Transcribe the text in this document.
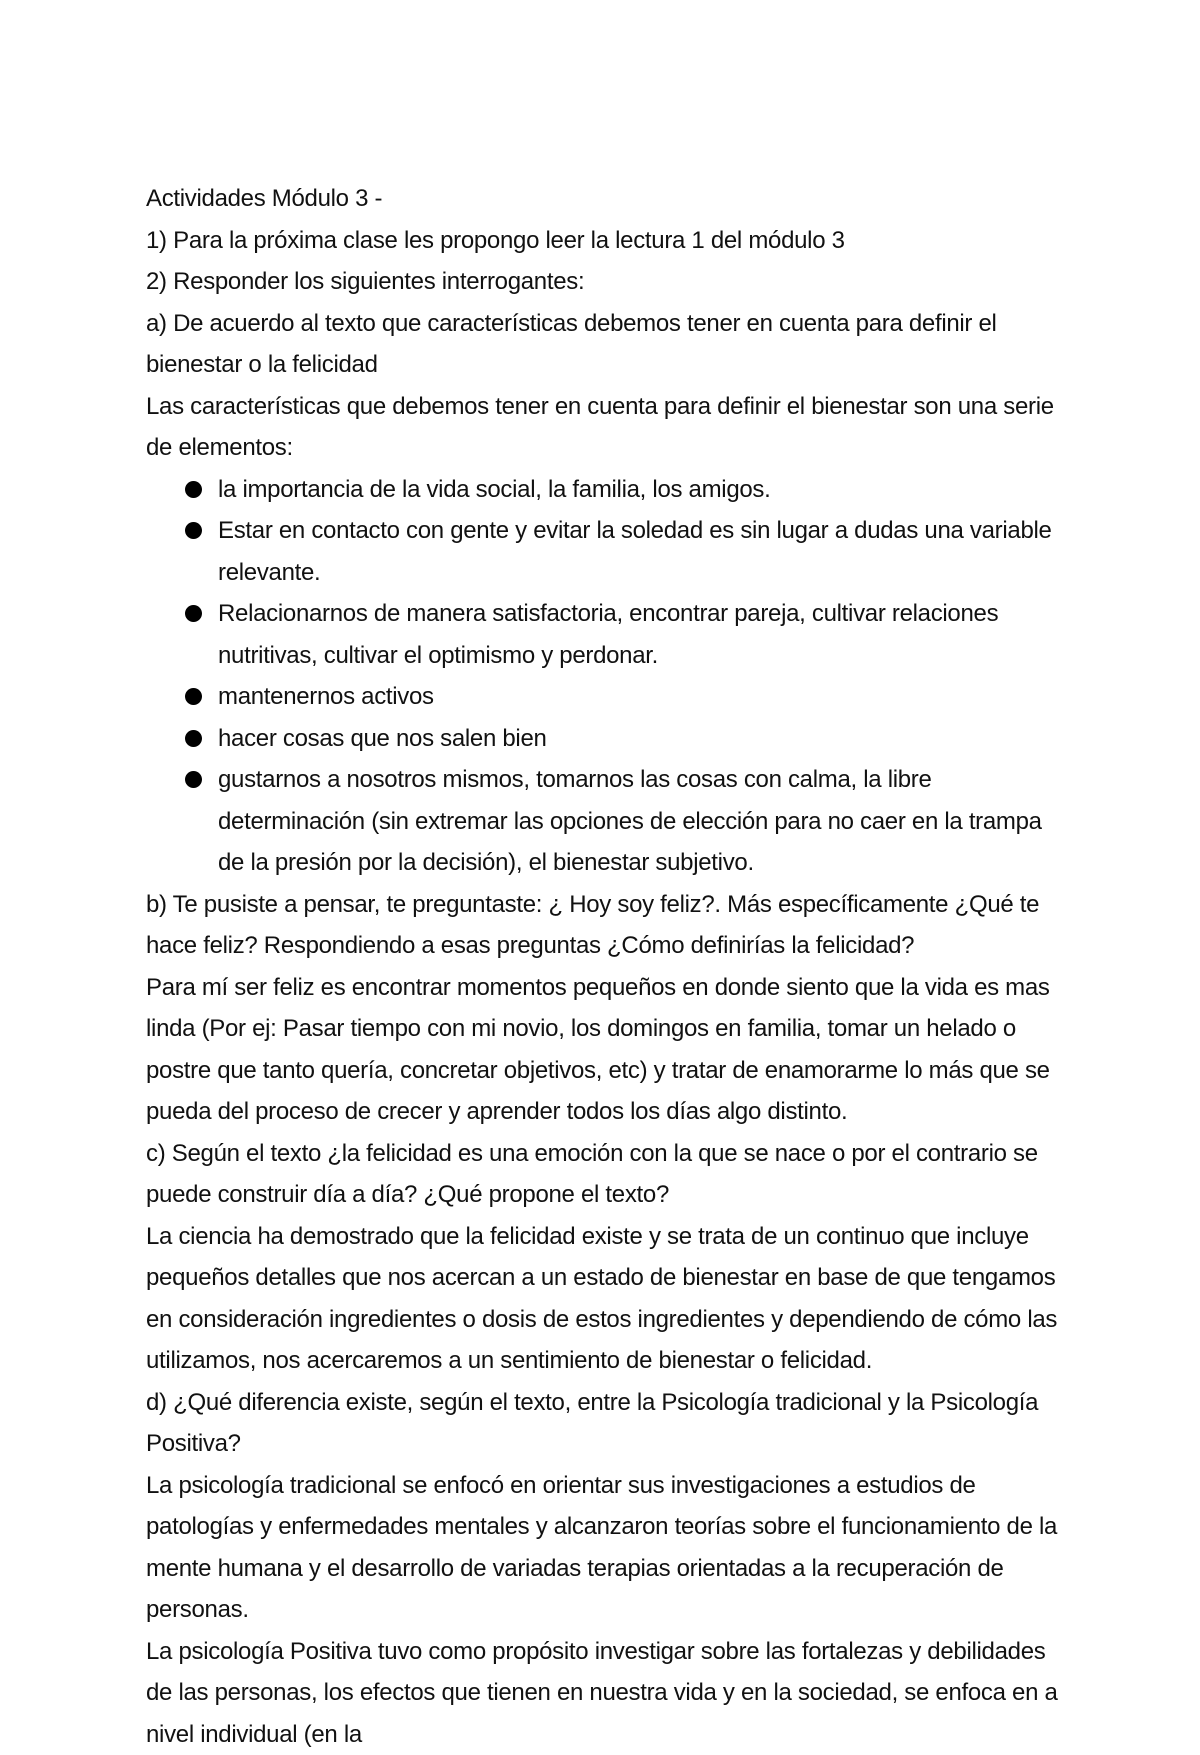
Actividades Módulo 3 -

1) Para la próxima clase les propongo leer la lectura 1 del módulo 3

2) Responder los siguientes interrogantes:

a) De acuerdo al texto que características debemos tener en cuenta para definir el bienestar o la felicidad

Las características que debemos tener en cuenta para definir el bienestar son una serie de elementos:

la importancia de la vida social, la familia, los amigos.
Estar en contacto con gente y evitar la soledad es sin lugar a dudas una variable relevante.
Relacionarnos de manera satisfactoria, encontrar pareja, cultivar relaciones nutritivas, cultivar el optimismo y perdonar.
mantenernos activos
hacer cosas que nos salen bien
gustarnos a nosotros mismos, tomarnos las cosas con calma, la libre determinación (sin extremar las opciones de elección para no caer en la trampa de la presión por la decisión), el bienestar subjetivo.

b) Te pusiste a pensar, te preguntaste: ¿ Hoy soy feliz?. Más específicamente ¿Qué te hace feliz? Respondiendo a esas preguntas ¿Cómo definirías la felicidad?

Para mí ser feliz es encontrar momentos pequeños en donde siento que la vida es mas linda (Por ej: Pasar tiempo con mi novio, los domingos en familia, tomar un helado o postre que tanto quería, concretar objetivos, etc) y tratar de enamorarme lo más que se pueda del proceso de crecer y aprender todos los días algo distinto.

c) Según el texto ¿la felicidad es una emoción con la que se nace o por el contrario se puede construir día a día? ¿Qué propone el texto?

La ciencia ha demostrado que la felicidad existe y se trata de un continuo que incluye pequeños detalles que nos acercan a un estado de bienestar en base de que tengamos en consideración ingredientes o dosis de estos ingredientes y dependiendo de cómo las utilizamos, nos acercaremos a un sentimiento de bienestar o felicidad.

d) ¿Qué diferencia existe, según el texto, entre la Psicología tradicional y la Psicología Positiva?

La psicología tradicional se enfocó en orientar sus investigaciones a estudios de patologías y enfermedades mentales y alcanzaron teorías sobre el funcionamiento de la mente humana y el desarrollo de variadas terapias orientadas a la recuperación de personas.

La psicología Positiva tuvo como propósito investigar sobre las fortalezas y debilidades de las personas, los efectos que tienen en nuestra vida y en la sociedad, se enfoca en a nivel individual (en la
